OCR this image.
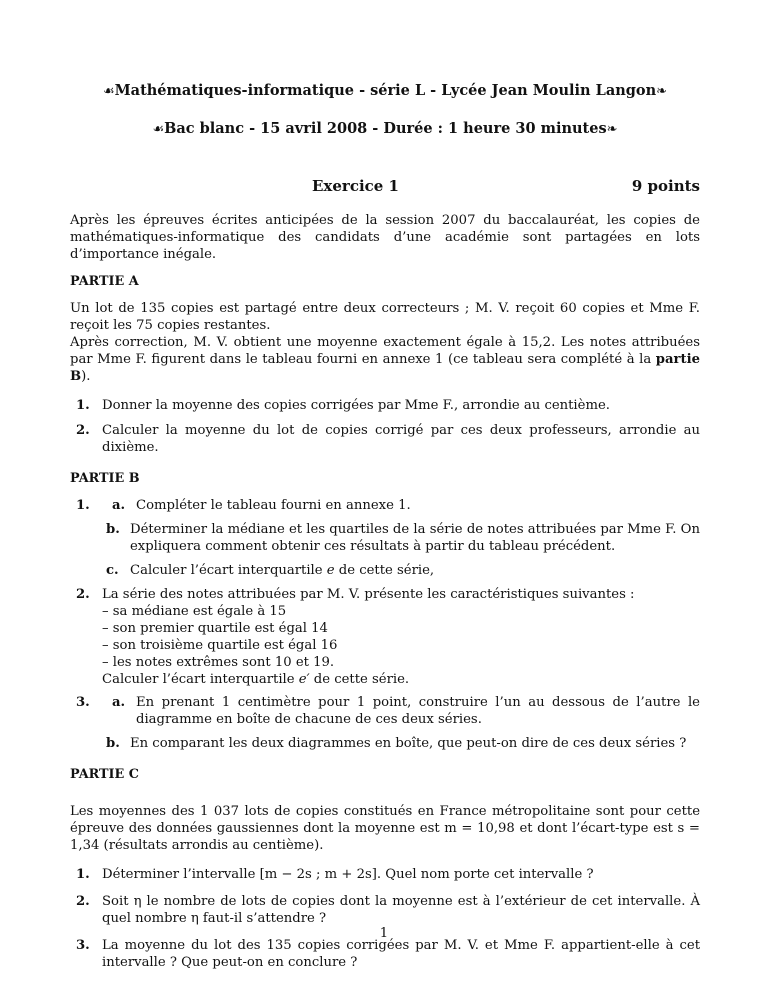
☙Mathématiques-informatique - série L - Lycée Jean Moulin Langon❧
☙Bac blanc - 15 avril 2008 - Durée : 1 heure 30 minutes❧
Exercice 1	9 points

Après les épreuves écrites anticipées de la session 2007 du baccalauréat, les copies de mathématiques-informatique des candidats d’une académie sont partagées en lots d’importance inégale.

PARTIE A

Un lot de 135 copies est partagé entre deux correcteurs ; M. V. reçoit 60 copies et Mme F. reçoit les 75 copies restantes.

Après correction, M. V. obtient une moyenne exactement égale à 15,2. Les notes attribuées par Mme F. figurent dans le tableau fourni en annexe 1 (ce tableau sera complété à la partie B).

1. Donner la moyenne des copies corrigées par Mme F., arrondie au centième.
2. Calculer la moyenne du lot de copies corrigé par ces deux professeurs, arrondie au dixième.
PARTIE B
1. a. Compléter le tableau fourni en annexe 1.
b. Déterminer la médiane et les quartiles de la série de notes attribuées par Mme F. On expliquera comment obtenir ces résultats à partir du tableau précédent.
c. Calculer l’écart interquartile e de cette série,
2. La série des notes attribuées par M. V. présente les caractéristiques suivantes :
– sa médiane est égale à 15
– son premier quartile est égal 14
– son troisième quartile est égal 16
– les notes extrêmes sont 10 et 19.
Calculer l’écart interquartile e′ de cette série.
3. a. En prenant 1 centimètre pour 1 point, construire l’un au dessous de l’autre le diagramme en boîte de chacune de ces deux séries.
b. En comparant les deux diagrammes en boîte, que peut-on dire de ces deux séries ?
PARTIE C

Les moyennes des 1 037 lots de copies constitués en France métropolitaine sont pour cette épreuve des données gaussiennes dont la moyenne est m = 10,98 et dont l’écart-type est s = 1,34 (résultats arrondis au centième).

1. Déterminer l’intervalle [m − 2s ; m + 2s]. Quel nom porte cet intervalle ?
2. Soit η le nombre de lots de copies dont la moyenne est à l’extérieur de cet intervalle. À quel nombre η faut-il s’attendre ?
3. La moyenne du lot des 135 copies corrigées par M. V. et Mme F. appartient-elle à cet intervalle ? Que peut-on en conclure ?
1
